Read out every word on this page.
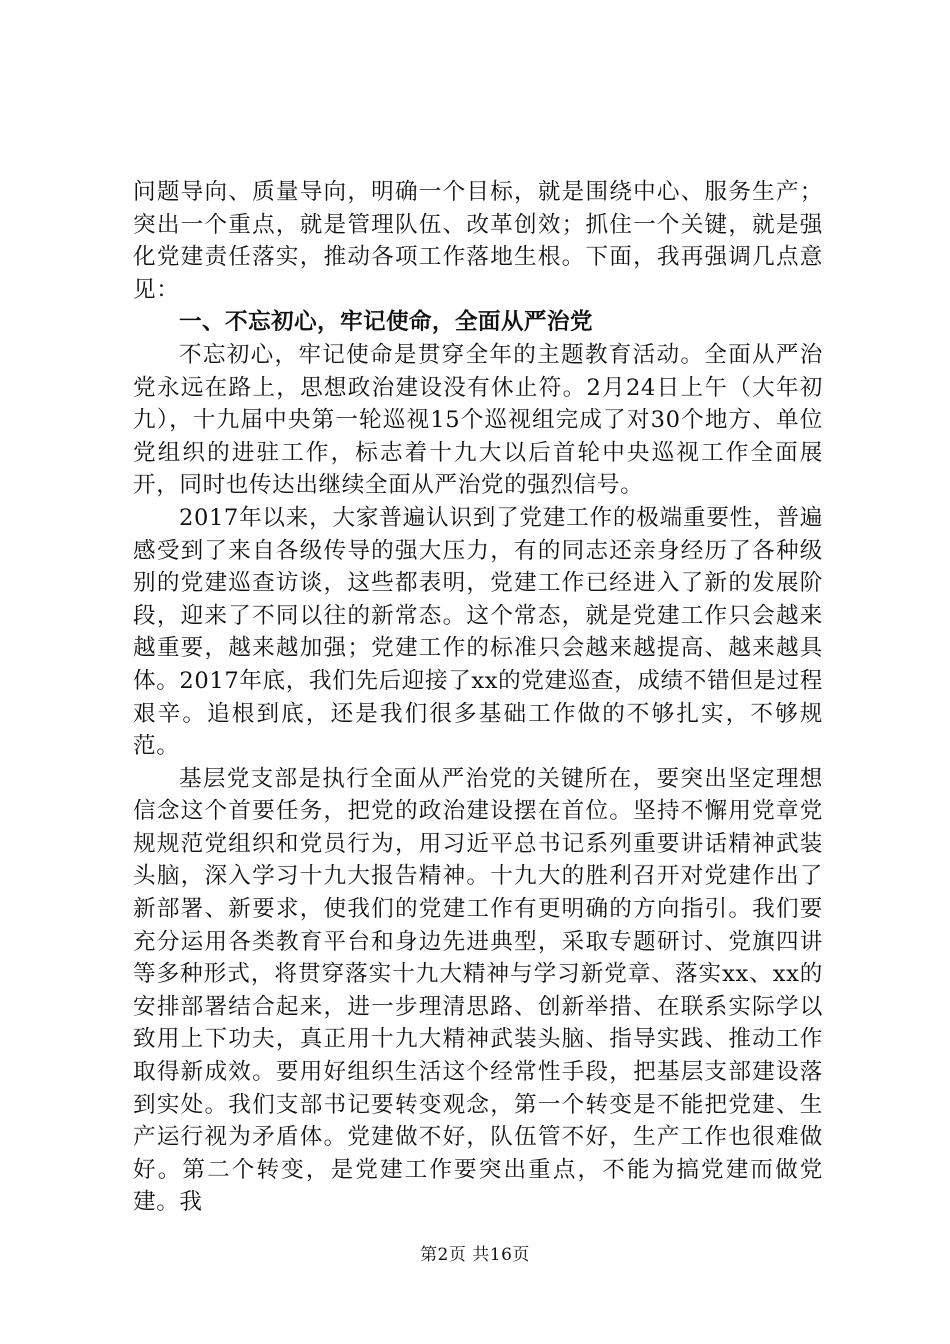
问题导向、质量导向，明确一个目标，就是围绕中心、服务生产；突出一个重点，就是管理队伍、改革创效；抓住一个关键，就是强化党建责任落实，推动各项工作落地生根。下面，我再强调几点意见：

一、不忘初心，牢记使命，全面从严治党

不忘初心，牢记使命是贯穿全年的主题教育活动。全面从严治党永远在路上，思想政治建设没有休止符。2月24日上午（大年初九），十九届中央第一轮巡视15个巡视组完成了对30个地方、单位党组织的进驻工作，标志着十九大以后首轮中央巡视工作全面展开，同时也传达出继续全面从严治党的强烈信号。

2017年以来，大家普遍认识到了党建工作的极端重要性，普遍感受到了来自各级传导的强大压力，有的同志还亲身经历了各种级别的党建巡查访谈，这些都表明，党建工作已经进入了新的发展阶段，迎来了不同以往的新常态。这个常态，就是党建工作只会越来越重要，越来越加强；党建工作的标准只会越来越提高、越来越具体。2017年底，我们先后迎接了xx的党建巡查，成绩不错但是过程艰辛。追根到底，还是我们很多基础工作做的不够扎实，不够规范。

基层党支部是执行全面从严治党的关键所在，要突出坚定理想信念这个首要任务，把党的政治建设摆在首位。坚持不懈用党章党规规范党组织和党员行为，用习近平总书记系列重要讲话精神武装头脑，深入学习十九大报告精神。十九大的胜利召开对党建作出了新部署、新要求，使我们的党建工作有更明确的方向指引。我们要充分运用各类教育平台和身边先进典型，采取专题研讨、党旗四讲等多种形式，将贯穿落实十九大精神与学习新党章、落实xx、xx的安排部署结合起来，进一步理清思路、创新举措、在联系实际学以致用上下功夫，真正用十九大精神武装头脑、指导实践、推动工作取得新成效。要用好组织生活这个经常性手段，把基层支部建设落到实处。我们支部书记要转变观念，第一个转变是不能把党建、生产运行视为矛盾体。党建做不好，队伍管不好，生产工作也很难做好。第二个转变，是党建工作要突出重点，不能为搞党建而做党建。我

第2页 共16页
